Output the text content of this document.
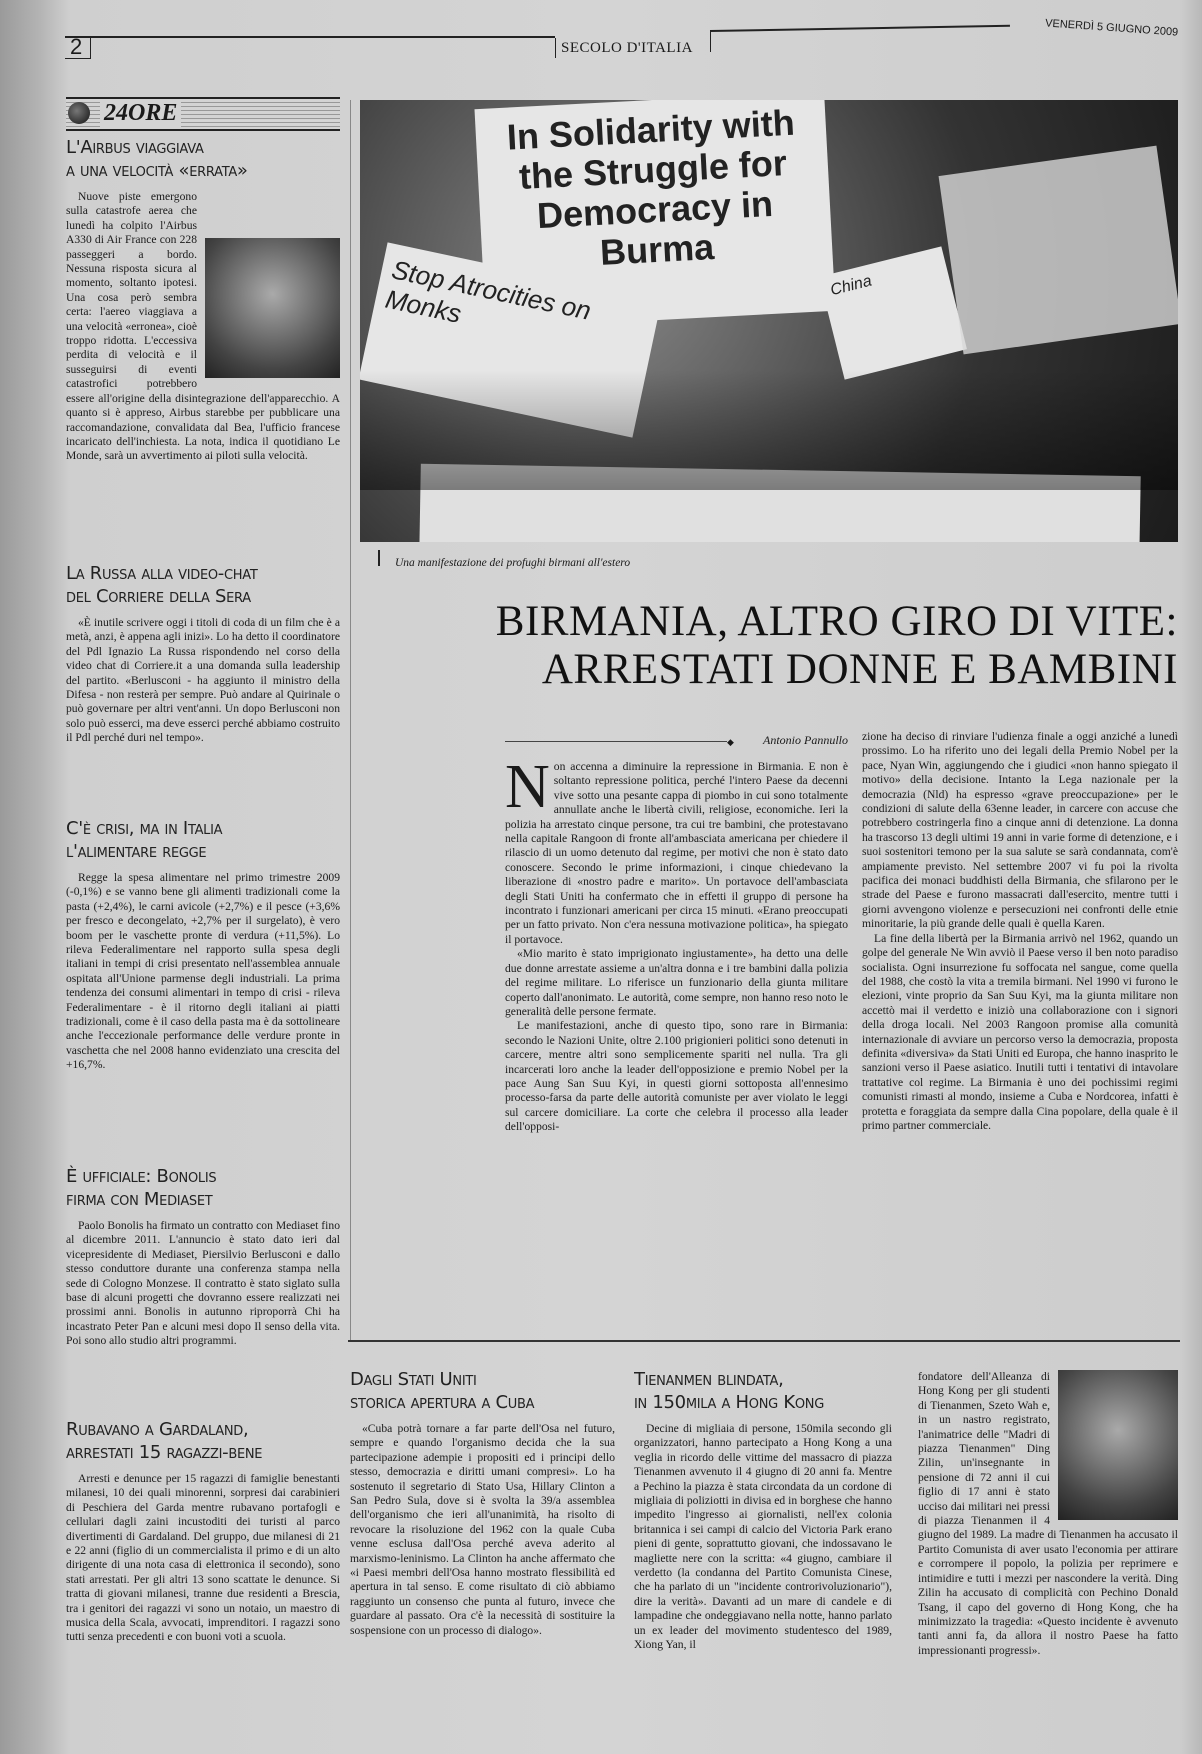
2	SECOLO D'ITALIA
VENERDÌ 5 GIUGNO 2009
24ORE
L'Airbus viaggiava
a una velocità «errata»

Nuove piste emergono sulla catastrofe aerea che lunedì ha colpito l'Airbus A330 di Air France con 228 passeggeri a bordo. Nessuna risposta sicura al momento, soltanto ipotesi. Una cosa però sembra certa: l'aereo viaggiava a una velocità «erronea», cioè troppo ridotta. L'eccessiva perdita di velocità e il susseguirsi di eventi catastrofici potrebbero essere all'origine della disintegrazione dell'apparecchio. A quanto si è appreso, Airbus starebbe per pubblicare una raccomandazione, convalidata dal Bea, l'ufficio francese incaricato dell'inchiesta. La nota, indica il quotidiano Le Monde, sarà un avvertimento ai piloti sulla velocità.

La Russa alla video-chat
del Corriere della Sera

«È inutile scrivere oggi i titoli di coda di un film che è a metà, anzi, è appena agli inizi». Lo ha detto il coordinatore del Pdl Ignazio La Russa rispondendo nel corso della video chat di Corriere.it a una domanda sulla leadership del partito. «Berlusconi - ha aggiunto il ministro della Difesa - non resterà per sempre. Può andare al Quirinale o può governare per altri vent'anni. Un dopo Berlusconi non solo può esserci, ma deve esserci perché abbiamo costruito il Pdl perché duri nel tempo».

C'è crisi, ma in Italia
l'alimentare regge

Regge la spesa alimentare nel primo trimestre 2009 (-0,1%) e se vanno bene gli alimenti tradizionali come la pasta (+2,4%), le carni avicole (+2,7%) e il pesce (+3,6% per fresco e decongelato, +2,7% per il surgelato), è vero boom per le vaschette pronte di verdura (+11,5%). Lo rileva Federalimentare nel rapporto sulla spesa degli italiani in tempi di crisi presentato nell'assemblea annuale ospitata all'Unione parmense degli industriali. La prima tendenza dei consumi alimentari in tempo di crisi - rileva Federalimentare - è il ritorno degli italiani ai piatti tradizionali, come è il caso della pasta ma è da sottolineare anche l'eccezionale performance delle verdure pronte in vaschetta che nel 2008 hanno evidenziato una crescita del +16,7%.

È ufficiale: Bonolis
firma con Mediaset

Paolo Bonolis ha firmato un contratto con Mediaset fino al dicembre 2011. L'annuncio è stato dato ieri dal vicepresidente di Mediaset, Piersilvio Berlusconi e dallo stesso conduttore durante una conferenza stampa nella sede di Cologno Monzese. Il contratto è stato siglato sulla base di alcuni progetti che dovranno essere realizzati nei prossimi anni. Bonolis in autunno riproporrà Chi ha incastrato Peter Pan e alcuni mesi dopo Il senso della vita. Poi sono allo studio altri programmi.

Rubavano a Gardaland,
arrestati 15 ragazzi-bene

Arresti e denunce per 15 ragazzi di famiglie benestanti milanesi, 10 dei quali minorenni, sorpresi dai carabinieri di Peschiera del Garda mentre rubavano portafogli e cellulari dagli zaini incustoditi dei turisti al parco divertimenti di Gardaland. Del gruppo, due milanesi di 21 e 22 anni (figlio di un commercialista il primo e di un alto dirigente di una nota casa di elettronica il secondo), sono stati arrestati. Per gli altri 13 sono scattate le denunce. Si tratta di giovani milanesi, tranne due residenti a Brescia, tra i genitori dei ragazzi vi sono un notaio, un maestro di musica della Scala, avvocati, imprenditori. I ragazzi sono tutti senza precedenti e con buoni voti a scuola.

In Solidarity with the Struggle for Democracy in Burma
Stop Atrocities on Monks	China
Una manifestazione dei profughi birmani all'estero
BIRMANIA, ALTRO GIRO DI VITE:
ARRESTATI DONNE E BAMBINI
◆ Antonio Pannullo
N on accenna a diminuire la repressione in Birmania. E non è soltanto repressione politica, perché l'intero Paese da decenni vive sotto una pesante cappa di piombo in cui sono totalmente annullate anche le libertà civili, religiose, economiche. Ieri la polizia ha arrestato cinque persone, tra cui tre bambini, che protestavano nella capitale Rangoon di fronte all'ambasciata americana per chiedere il rilascio di un uomo detenuto dal regime, per motivi che non è stato dato conoscere. Secondo le prime informazioni, i cinque chiedevano la liberazione di «nostro padre e marito». Un portavoce dell'ambasciata degli Stati Uniti ha confermato che in effetti il gruppo di persone ha incontrato i funzionari americani per circa 15 minuti. «Erano preoccupati per un fatto privato. Non c'era nessuna motivazione politica», ha spiegato il portavoce.

«Mio marito è stato imprigionato ingiustamente», ha detto una delle due donne arrestate assieme a un'altra donna e i tre bambini dalla polizia del regime militare. Lo riferisce un funzionario della giunta militare coperto dall'anonimato. Le autorità, come sempre, non hanno reso noto le generalità delle persone fermate.

Le manifestazioni, anche di questo tipo, sono rare in Birmania: secondo le Nazioni Unite, oltre 2.100 prigionieri politici sono detenuti in carcere, mentre altri sono semplicemente spariti nel nulla. Tra gli incarcerati loro anche la leader dell'opposizione e premio Nobel per la pace Aung San Suu Kyi, in questi giorni sottoposta all'ennesimo processo-farsa da parte delle autorità comuniste per aver violato le leggi sul carcere domiciliare. La corte che celebra il processo alla leader dell'opposi-

zione ha deciso di rinviare l'udienza finale a oggi anziché a lunedì prossimo. Lo ha riferito uno dei legali della Premio Nobel per la pace, Nyan Win, aggiungendo che i giudici «non hanno spiegato il motivo» della decisione. Intanto la Lega nazionale per la democrazia (Nld) ha espresso «grave preoccupazione» per le condizioni di salute della 63enne leader, in carcere con accuse che potrebbero costringerla fino a cinque anni di detenzione. La donna ha trascorso 13 degli ultimi 19 anni in varie forme di detenzione, e i suoi sostenitori temono per la sua salute se sarà condannata, com'è ampiamente previsto. Nel settembre 2007 vi fu poi la rivolta pacifica dei monaci buddhisti della Birmania, che sfilarono per le strade del Paese e furono massacrati dall'esercito, mentre tutti i giorni avvengono violenze e persecuzioni nei confronti delle etnie minoritarie, la più grande delle quali è quella Karen.

La fine della libertà per la Birmania arrivò nel 1962, quando un golpe del generale Ne Win avviò il Paese verso il ben noto paradiso socialista. Ogni insurrezione fu soffocata nel sangue, come quella del 1988, che costò la vita a tremila birmani. Nel 1990 vi furono le elezioni, vinte proprio da San Suu Kyi, ma la giunta militare non accettò mai il verdetto e iniziò una collaborazione con i signori della droga locali. Nel 2003 Rangoon promise alla comunità internazionale di avviare un percorso verso la democrazia, proposta definita «diversiva» da Stati Uniti ed Europa, che hanno inasprito le sanzioni verso il Paese asiatico. Inutili tutti i tentativi di intavolare trattative col regime. La Birmania è uno dei pochissimi regimi comunisti rimasti al mondo, insieme a Cuba e Nordcorea, infatti è protetta e foraggiata da sempre dalla Cina popolare, della quale è il primo partner commerciale.

Dagli Stati Uniti
storica apertura a Cuba

«Cuba potrà tornare a far parte dell'Osa nel futuro, sempre e quando l'organismo decida che la sua partecipazione adempie i propositi ed i principi dello stesso, democrazia e diritti umani compresi». Lo ha sostenuto il segretario di Stato Usa, Hillary Clinton a San Pedro Sula, dove si è svolta la 39/a assemblea dell'organismo che ieri all'unanimità, ha risolto di revocare la risoluzione del 1962 con la quale Cuba venne esclusa dall'Osa perché aveva aderito al marxismo-leninismo. La Clinton ha anche affermato che «i Paesi membri dell'Osa hanno mostrato flessibilità ed apertura in tal senso. E come risultato di ciò abbiamo raggiunto un consenso che punta al futuro, invece che guardare al passato. Ora c'è la necessità di sostituire la sospensione con un processo di dialogo».

Tienanmen blindata,
in 150mila a Hong Kong

Decine di migliaia di persone, 150mila secondo gli organizzatori, hanno partecipato a Hong Kong a una veglia in ricordo delle vittime del massacro di piazza Tienanmen avvenuto il 4 giugno di 20 anni fa. Mentre a Pechino la piazza è stata circondata da un cordone di migliaia di poliziotti in divisa ed in borghese che hanno impedito l'ingresso ai giornalisti, nell'ex colonia britannica i sei campi di calcio del Victoria Park erano pieni di gente, soprattutto giovani, che indossavano le magliette nere con la scritta: «4 giugno, cambiare il verdetto (la condanna del Partito Comunista Cinese, che ha parlato di un "incidente controrivoluzionario"), dire la verità». Davanti ad un mare di candele e di lampadine che ondeggiavano nella notte, hanno parlato un ex leader del movimento studentesco del 1989, Xiong Yan, il

fondatore dell'Alleanza di Hong Kong per gli studenti di Tienanmen, Szeto Wah e, in un nastro registrato, l'animatrice delle "Madri di piazza Tienanmen" Ding Zilin, un'insegnante in pensione di 72 anni il cui figlio di 17 anni è stato ucciso dai militari nei pressi di piazza Tienanmen il 4 giugno del 1989. La madre di Tienanmen ha accusato il Partito Comunista di aver usato l'economia per attirare e corrompere il popolo, la polizia per reprimere e intimidire e tutti i mezzi per nascondere la verità. Ding Zilin ha accusato di complicità con Pechino Donald Tsang, il capo del governo di Hong Kong, che ha minimizzato la tragedia: «Questo incidente è avvenuto tanti anni fa, da allora il nostro Paese ha fatto impressionanti progressi».
